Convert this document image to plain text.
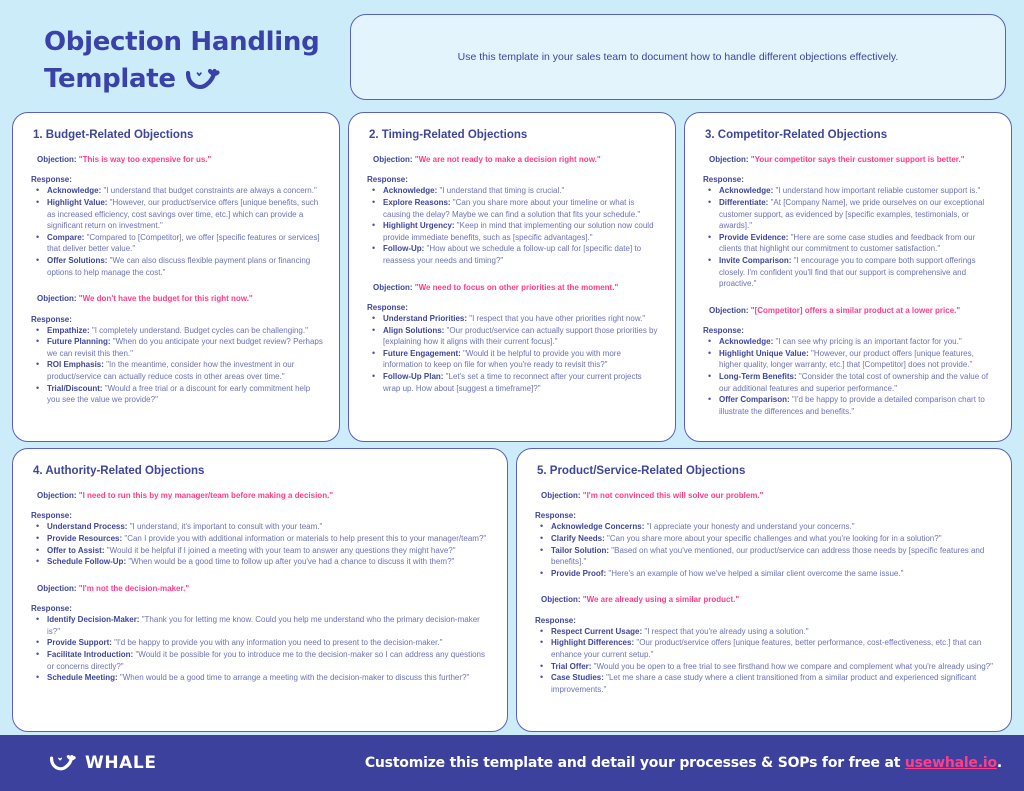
Objection Handling
Template
Use this template in your sales team to document how to handle different objections effectively.
1. Budget-Related Objections
Objection: "This is way too expensive for us."
Response:
• Acknowledge: "I understand that budget constraints are always a concern."
• Highlight Value: "However, our product/service offers [unique benefits, such as increased efficiency, cost savings over time, etc.] which can provide a significant return on investment."
• Compare: "Compared to [Competitor], we offer [specific features or services] that deliver better value."
• Offer Solutions: "We can also discuss flexible payment plans or financing options to help manage the cost."
Objection: "We don't have the budget for this right now."
Response:
• Empathize: "I completely understand. Budget cycles can be challenging."
• Future Planning: "When do you anticipate your next budget review? Perhaps we can revisit this then."
• ROI Emphasis: "In the meantime, consider how the investment in our product/service can actually reduce costs in other areas over time."
• Trial/Discount: "Would a free trial or a discount for early commitment help you see the value we provide?"
2. Timing-Related Objections
Objection: "We are not ready to make a decision right now."
Response:
• Acknowledge: "I understand that timing is crucial."
• Explore Reasons: "Can you share more about your timeline or what is causing the delay? Maybe we can find a solution that fits your schedule."
• Highlight Urgency: "Keep in mind that implementing our solution now could provide immediate benefits, such as [specific advantages]."
• Follow-Up: "How about we schedule a follow-up call for [specific date] to reassess your needs and timing?"
Objection: "We need to focus on other priorities at the moment."
Response:
• Understand Priorities: "I respect that you have other priorities right now."
• Align Solutions: "Our product/service can actually support those priorities by [explaining how it aligns with their current focus]."
• Future Engagement: "Would it be helpful to provide you with more information to keep on file for when you're ready to revisit this?"
• Follow-Up Plan: "Let's set a time to reconnect after your current projects wrap up. How about [suggest a timeframe]?"
3. Competitor-Related Objections
Objection: "Your competitor says their customer support is better."
Response:
• Acknowledge: "I understand how important reliable customer support is."
• Differentiate: "At [Company Name], we pride ourselves on our exceptional customer support, as evidenced by [specific examples, testimonials, or awards]."
• Provide Evidence: "Here are some case studies and feedback from our clients that highlight our commitment to customer satisfaction."
• Invite Comparison: "I encourage you to compare both support offerings closely. I'm confident you'll find that our support is comprehensive and proactive."
Objection: "[Competitor] offers a similar product at a lower price."
Response:
• Acknowledge: "I can see why pricing is an important factor for you."
• Highlight Unique Value: "However, our product offers [unique features, higher quality, longer warranty, etc.] that [Competitor] does not provide."
• Long-Term Benefits: "Consider the total cost of ownership and the value of our additional features and superior performance."
• Offer Comparison: "I'd be happy to provide a detailed comparison chart to illustrate the differences and benefits."
4. Authority-Related Objections
Objection: "I need to run this by my manager/team before making a decision."
Response:
• Understand Process: "I understand, it's important to consult with your team."
• Provide Resources: "Can I provide you with additional information or materials to help present this to your manager/team?"
• Offer to Assist: "Would it be helpful if I joined a meeting with your team to answer any questions they might have?"
• Schedule Follow-Up: "When would be a good time to follow up after you've had a chance to discuss it with them?"
Objection: "I'm not the decision-maker."
Response:
• Identify Decision-Maker: "Thank you for letting me know. Could you help me understand who the primary decision-maker is?"
• Provide Support: "I'd be happy to provide you with any information you need to present to the decision-maker."
• Facilitate Introduction: "Would it be possible for you to introduce me to the decision-maker so I can address any questions or concerns directly?"
• Schedule Meeting: "When would be a good time to arrange a meeting with the decision-maker to discuss this further?"
5. Product/Service-Related Objections
Objection: "I'm not convinced this will solve our problem."
Response:
• Acknowledge Concerns: "I appreciate your honesty and understand your concerns."
• Clarify Needs: "Can you share more about your specific challenges and what you're looking for in a solution?"
• Tailor Solution: "Based on what you've mentioned, our product/service can address those needs by [specific features and benefits]."
• Provide Proof: "Here's an example of how we've helped a similar client overcome the same issue."
Objection: "We are already using a similar product."
Response:
• Respect Current Usage: "I respect that you're already using a solution."
• Highlight Differences: "Our product/service offers [unique features, better performance, cost-effectiveness, etc.] that can enhance your current setup."
• Trial Offer: "Would you be open to a free trial to see firsthand how we compare and complement what you're already using?"
• Case Studies: "Let me share a case study where a client transitioned from a similar product and experienced significant improvements."
WHALE	Customize this template and detail your processes & SOPs for free at usewhale.io.
